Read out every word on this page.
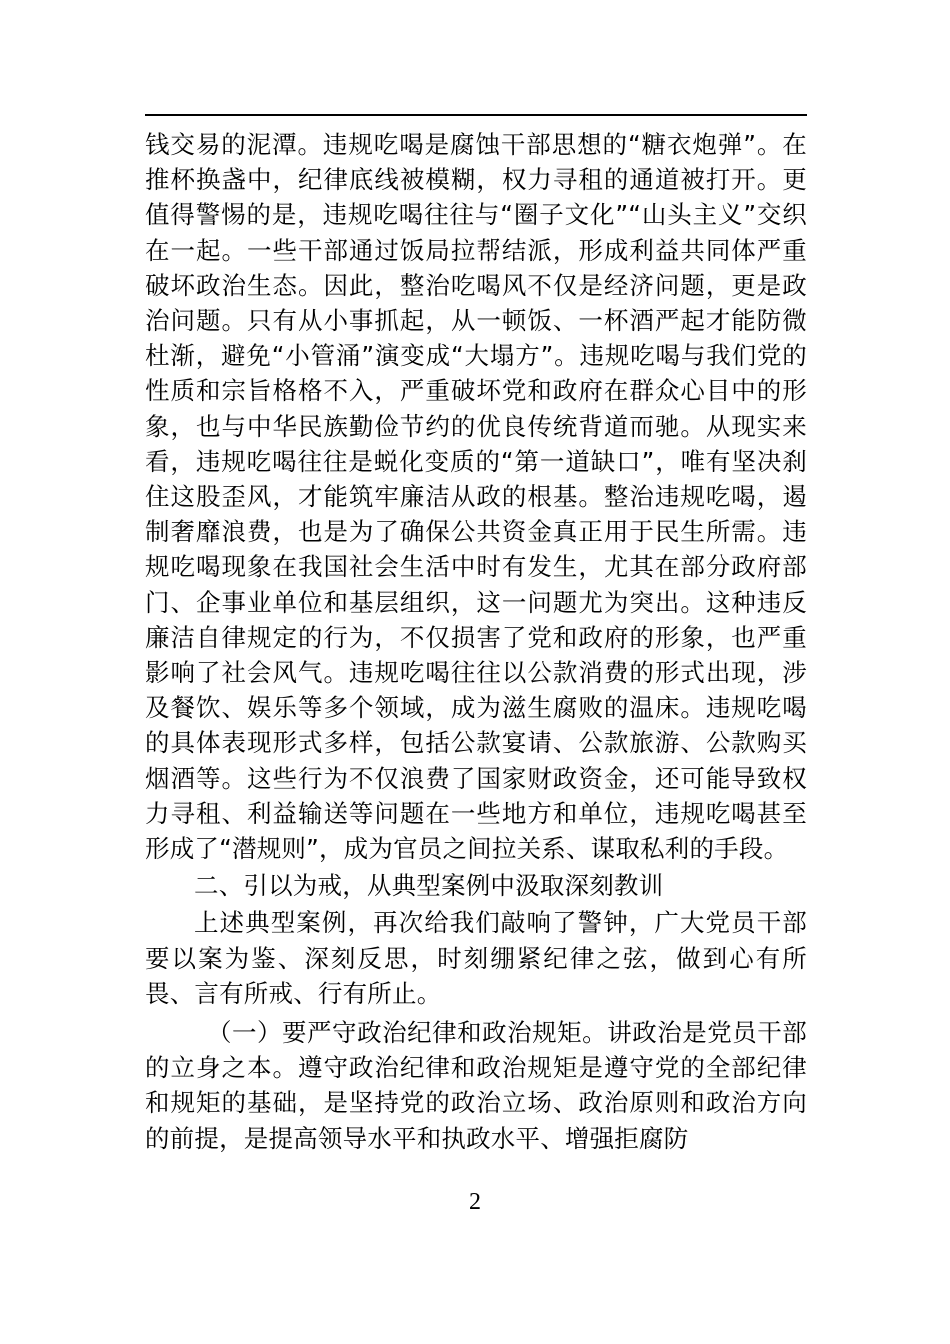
钱交易的泥潭。违规吃喝是腐蚀干部思想的“糖衣炮弹”。在推杯换盏中，纪律底线被模糊，权力寻租的通道被打开。更值得警惕的是，违规吃喝往往与“圈子文化”“山头主义”交织在一起。一些干部通过饭局拉帮结派，形成利益共同体严重破坏政治生态。因此，整治吃喝风不仅是经济问题，更是政治问题。只有从小事抓起，从一顿饭、一杯酒严起才能防微杜渐，避免“小管涌”演变成“大塌方”。违规吃喝与我们党的性质和宗旨格格不入，严重破坏党和政府在群众心目中的形象，也与中华民族勤俭节约的优良传统背道而驰。从现实来看，违规吃喝往往是蜕化变质的“第一道缺口”，唯有坚决刹住这股歪风，才能筑牢廉洁从政的根基。整治违规吃喝，遏制奢靡浪费，也是为了确保公共资金真正用于民生所需。违规吃喝现象在我国社会生活中时有发生，尤其在部分政府部门、企事业单位和基层组织，这一问题尤为突出。这种违反廉洁自律规定的行为，不仅损害了党和政府的形象，也严重影响了社会风气。违规吃喝往往以公款消费的形式出现，涉及餐饮、娱乐等多个领域，成为滋生腐败的温床。违规吃喝的具体表现形式多样，包括公款宴请、公款旅游、公款购买烟酒等。这些行为不仅浪费了国家财政资金，还可能导致权力寻租、利益输送等问题在一些地方和单位，违规吃喝甚至形成了“潜规则”，成为官员之间拉关系、谋取私利的手段。

二、引以为戒，从典型案例中汲取深刻教训

上述典型案例，再次给我们敲响了警钟，广大党员干部要以案为鉴、深刻反思，时刻绷紧纪律之弦，做到心有所畏、言有所戒、行有所止。

（一）要严守政治纪律和政治规矩。讲政治是党员干部的立身之本。遵守政治纪律和政治规矩是遵守党的全部纪律和规矩的基础，是坚持党的政治立场、政治原则和政治方向的前提，是提高领导水平和执政水平、增强拒腐防

2
